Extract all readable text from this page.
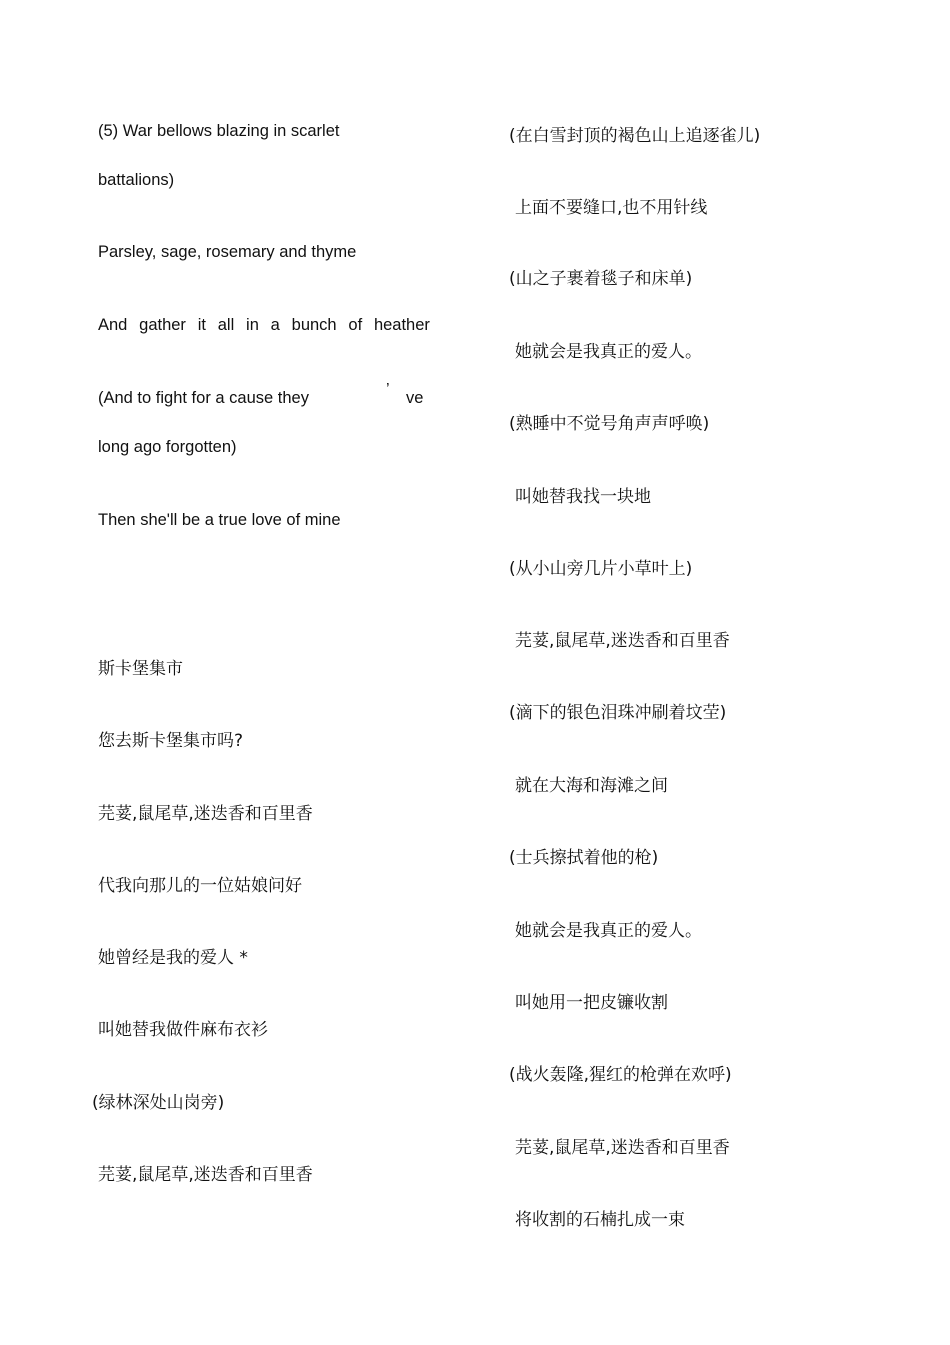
(5) War bellows blazing in scarlet
battalions)
Parsley, sage, rosemary and thyme
And gather it all in a bunch of heather
(And to fight for a cause they	’ ve
long ago forgotten)
Then she'll be a true love of mine
斯卡堡集市
您去斯卡堡集市吗?
芫荽,鼠尾草,迷迭香和百里香
代我向那儿的一位姑娘问好
她曾经是我的爱人 *
叫她替我做件麻布衣衫
(绿林深处山岗旁)
芫荽,鼠尾草,迷迭香和百里香
(在白雪封顶的褐色山上追逐雀儿)
上面不要缝口,也不用针线
(山之子裹着毯子和床单)
她就会是我真正的爱人。
(熟睡中不觉号角声声呼唤)
叫她替我找一块地
(从小山旁几片小草叶上)
芫荽,鼠尾草,迷迭香和百里香
(滴下的银色泪珠冲刷着坟茔)
就在大海和海滩之间
(士兵擦拭着他的枪)
她就会是我真正的爱人。
叫她用一把皮镰收割
(战火轰隆,猩红的枪弹在欢呼)
芫荽,鼠尾草,迷迭香和百里香
将收割的石楠扎成一束
